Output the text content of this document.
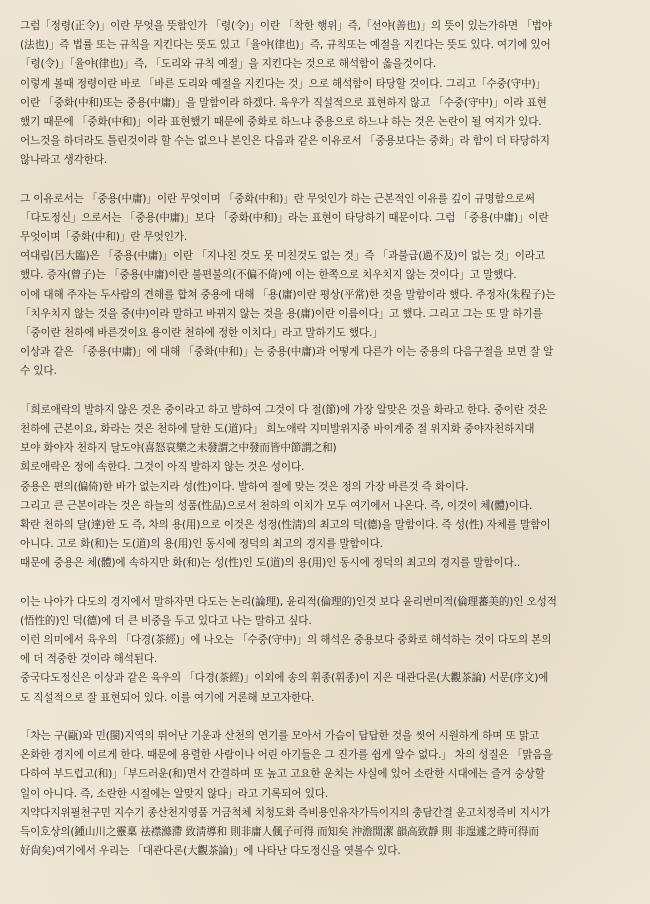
그럼「정령(正令)」이란 무엇을 뜻함인가 「령(令)」이란 「착한 행위」즉,「선야(善也)」의 뜻이 있는가하면 「법야
(法也)」즉 법률 또는 규칙을 지킨다는 뜻도 있고「율야(律也)」즉, 규칙또는 예절을 지킨다는 뜻도 있다. 여기에 있어
「령(令)」「율야(律也)」즉, 「도리와 규칙 예절」을 지킨다는 것으로 해석함이 옳을것이다.
이렇게 볼때 정령이란 바로 「바른 도리와 예절을 지킨다는 것」으로 해석함이 타당할 것이다. 그리고「수중(守中)」
이란 「중화(中和)또는 중용(中庸)」을 말함이라 하겠다. 육우가 직설적으로 표현하지 않고 「수중(守中)」이라 표현
했기 때문에 「중화(中和)」이라 표현했기 때문에 중화로 하느냐 중용으로 하느냐 하는 것은 논란이 될 여지가 있다.
어느것을 하더라도 틀린것이라 할 수는 없으나 본인은 다음과 같은 이유로서 「중용보다는 중화」라 함이 더 타당하지
않나라고 생각한다.
그 이유로서는 「중용(中庸)」이란 무엇이며 「중화(中和)」란 무엇인가 하는 근본적인 이유를 깊이 규명함으로써
「다도정신」으로서는 「중용(中庸)」보다 「중화(中和)」라는 표현이 타당하기 때문이다. 그럼 「중용(中庸)」이란
무엇이며「중화(中和)」란 무엇인가.
여대림(呂大臨)은 「중용(中庸)」이란 「지나친 것도 못 미친것도 없는 것」즉 「과불급(過不及)이 없는 것」이라고
했다. 증자(曾子)는 「중용(中庸)이란 불편불의(不偏不倚)에 이는 한쪽으로 치우치지 않는 것이다」고 말했다.
이에 대해 주자는 두사람의 견해를 합쳐 중용에 대해 「용(庸)이란 평상(平常)한 것을 말함이라 했다. 주정자(朱程子)는
「치우치지 않는 것을 중(中)이라 말하고 바뀌지 않는 것을 용(庸)이란 이름이다」고 했다. 그리고 그는 또 말 하기를
「중이란 천하에 바른것이요 용이란 천하에 정한 이치다」라고 말하기도 했다.」
이상과 같은 「중용(中庸)」에 대해 「중화(中和)」는 중용(中庸)과 어떻게 다른가 이는 중용의 다음구절을 보면 잘 알
수 있다.
「희로애락의 발하지 않은 것은 중이라고 하고 발하여 그것이 다 절(節)에 가장 알맞은 것을 화라고 한다. 중이란 것은
천하에 근본이요, 화라는 것은 천하에 달한 도(道)다」 희노애락 지미발위지중 바이계중 절 위지화 중야자천하지대
보야 화야자 천하지 달도야(喜怒哀樂之未發謂之中發而皆中節謂之和)
희로애락은 정에 속한다. 그것이 아직 발하지 않는 것은 성이다.
중용은 편의(偏倚)한 바가 없는지라 성(性)이다. 발하여 절에 맞는 것은 정의 가장 바른것 즉 화이다.
그리고 큰 근본이라는 것은 하늘의 성품(性品)으로서 천하의 이치가 모두 여기에서 나온다. 즉, 이것이 체(體)이다.
확란 천하의 달(達)한 도 즉, 차의 용(用)으로 이것은 성정(性淸)의 최고의 덕(德)을 말함이다. 즉 성(性) 자체를 말함이
아니다. 고로 화(和)는 도(道)의 용(用)인 동시에 정덕의 최고의 경지를 말함이다.
때문에 중용은 체(體)에 속하지만 화(和)는 성(性)인 도(道)의 용(用)인 동시에 정덕의 최고의 경지를 말함이다..
이는 나아가 다도의 경지에서 말하자면 다도는 논리(論理), 윤리적(倫理的)인것 보다 윤리번미적(倫理蕃美的)인 오성적
(悟性的)인 덕(德)에 더 큰 비중을 두고 있다고 나는 말하고 싶다.
이런 의미에서 육우의 「다경(茶經)」에 나오는 「수중(守中)」의 해석은 중용보다 중화로 해석하는 것이 다도의 본의
에 더 적중한 것이라 해석된다.
중국다도정신은 이상과 같은 육우의 「다경(茶經)」이외에 송의 휘종(휘종)이 지은 대관다론(大觀茶論) 서문(序文)에
도 직설적으로 잘 표현되어 있다. 이를 여기에 거론해 보고자한다.
「차는 구(甌)와 민(閩)지역의 뛰어난 기운과 산천의 연기를 모아서 가슴이 답답한 것을 씻어 시원하게 하며 또 맑고
온화한 경지에 이르게 한다. 때문에 용렬한 사람이나 어린 아기들은 그 진가를 쉽게 알수 없다.」 차의 성질은 「맑음을
다하여 부드럽고(和)」「부드러운(和)면서 간결하며 또 높고 고요한 운치는 사실에 있어 소란한 시대에는 즐겨 숭상할
일이 아니다. 즉, 소란한 시절에는 알맞지 않다」라고 기록되어 있다.
지약다지위필천구민 지수기 종산천지영품 거금척체 치청도화 즉비용인유자가득이지의 충담간결 운고치정즉비 지시가
득이호상의(鍾山川之靈稟 祛襟滌滯 致淸導和 則非庸人偑子可得 而知矣 沖澹閒潔 韻高致靜 則 非遑遽之時可得而
好尙矣)여기에서 우리는 「대관다론(大觀茶論)」에 나타난 다도정신을 엿볼수 있다.
